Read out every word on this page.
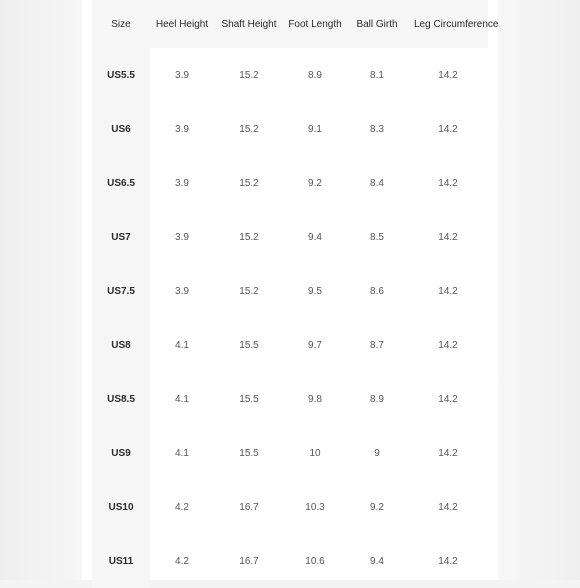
Size	Heel Height	Shaft Height	Foot Length	Ball Girth	Leg Circumference
US5.5	3.9	15.2	8.9	8.1	14.2
US6	3.9	15.2	9.1	8.3	14.2
US6.5	3.9	15.2	9.2	8.4	14.2
US7	3.9	15.2	9.4	8.5	14.2
US7.5	3.9	15.2	9.5	8.6	14.2
US8	4.1	15.5	9.7	8.7	14.2
US8.5	4.1	15.5	9.8	8.9	14.2
US9	4.1	15.5	10	9	14.2
US10	4.2	16.7	10.3	9.2	14.2
US11	4.2	16.7	10.6	9.4	14.2
